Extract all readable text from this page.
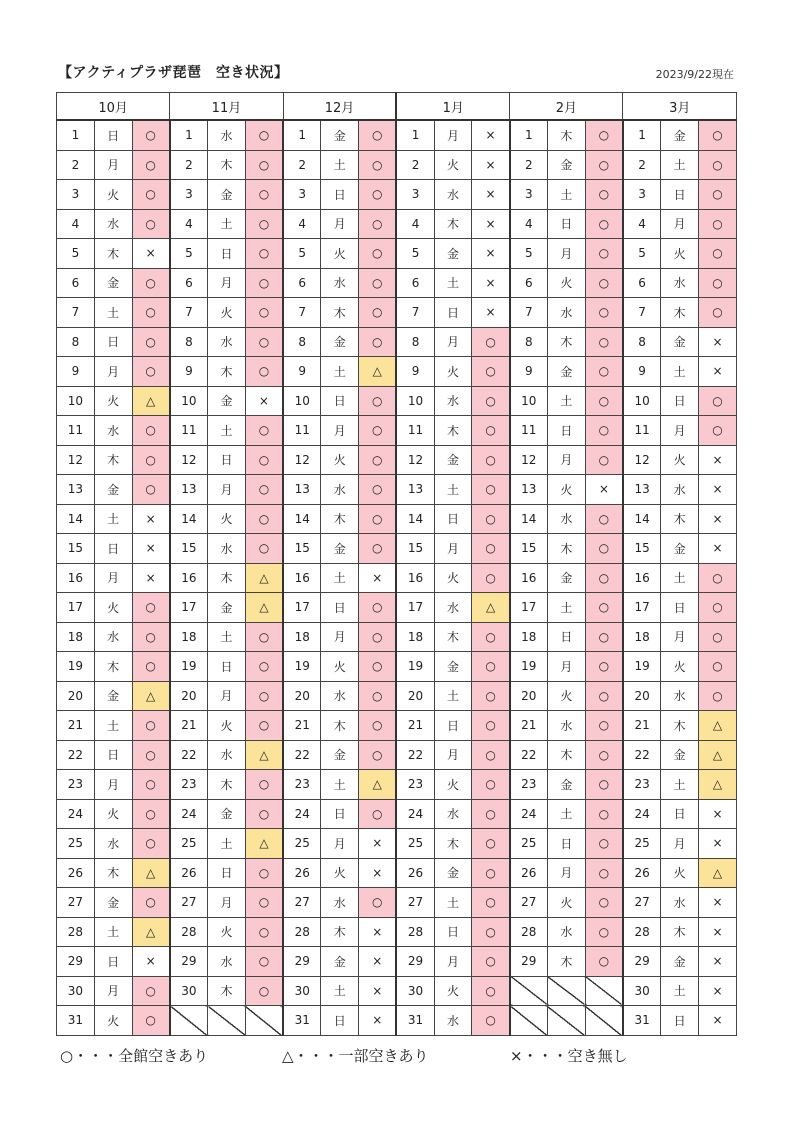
【アクティプラザ琵琶　空き状況】	2023/9/22現在
10月			11月			12月			1月			2月			3月		
1	日	○	1	水	○	1	金	○	1	月	×	1	木	○	1	金	○
2	月	○	2	木	○	2	土	○	2	火	×	2	金	○	2	土	○
3	火	○	3	金	○	3	日	○	3	水	×	3	土	○	3	日	○
4	水	○	4	土	○	4	月	○	4	木	×	4	日	○	4	月	○
5	木	×	5	日	○	5	火	○	5	金	×	5	月	○	5	火	○
6	金	○	6	月	○	6	水	○	6	土	×	6	火	○	6	水	○
7	土	○	7	火	○	7	木	○	7	日	×	7	水	○	7	木	○
8	日	○	8	水	○	8	金	○	8	月	○	8	木	○	8	金	×
9	月	○	9	木	○	9	土	△	9	火	○	9	金	○	9	土	×
10	火	△	10	金	×	10	日	○	10	水	○	10	土	○	10	日	○
11	水	○	11	土	○	11	月	○	11	木	○	11	日	○	11	月	○
12	木	○	12	日	○	12	火	○	12	金	○	12	月	○	12	火	×
13	金	○	13	月	○	13	水	○	13	土	○	13	火	×	13	水	×
14	土	×	14	火	○	14	木	○	14	日	○	14	水	○	14	木	×
15	日	×	15	水	○	15	金	○	15	月	○	15	木	○	15	金	×
16	月	×	16	木	△	16	土	×	16	火	○	16	金	○	16	土	○
17	火	○	17	金	△	17	日	○	17	水	△	17	土	○	17	日	○
18	水	○	18	土	○	18	月	○	18	木	○	18	日	○	18	月	○
19	木	○	19	日	○	19	火	○	19	金	○	19	月	○	19	火	○
20	金	△	20	月	○	20	水	○	20	土	○	20	火	○	20	水	○
21	土	○	21	火	○	21	木	○	21	日	○	21	水	○	21	木	△
22	日	○	22	水	△	22	金	○	22	月	○	22	木	○	22	金	△
23	月	○	23	木	○	23	土	△	23	火	○	23	金	○	23	土	△
24	火	○	24	金	○	24	日	○	24	水	○	24	土	○	24	日	×
25	水	○	25	土	△	25	月	×	25	木	○	25	日	○	25	月	×
26	木	△	26	日	○	26	火	×	26	金	○	26	月	○	26	火	△
27	金	○	27	月	○	27	水	○	27	土	○	27	火	○	27	水	×
28	土	△	28	火	○	28	木	×	28	日	○	28	水	○	28	木	×
29	日	×	29	水	○	29	金	×	29	月	○	29	木	○	29	金	×
30	月	○	30	木	○	30	土	×	30	火	○				30	土	×
31	火	○				31	日	×	31	水	○				31	日	×
○・・・全館空きあり	△・・・一部空きあり	×・・・空き無し
